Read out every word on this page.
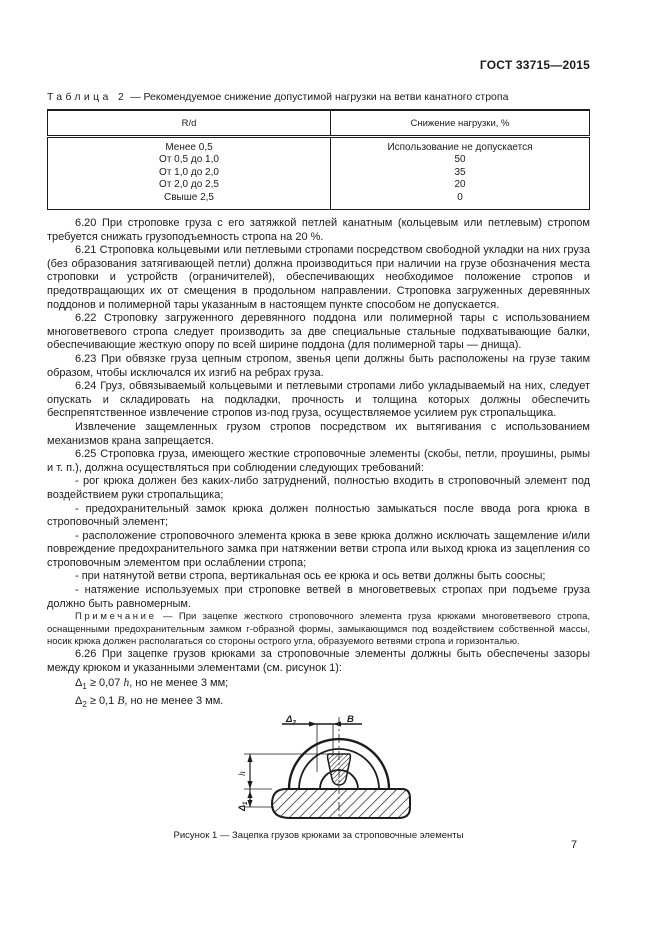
ГОСТ 33715—2015
Таблица 2 — Рекомендуемое снижение допустимой нагрузки на ветви канатного стропа
R/d	Снижение нагрузки, %
Менее 0,5	Использование не допускается
От 0,5 до 1,0	50
От 1,0 до 2,0	35
От 2,0 до 2,5	20
Свыше 2,5	0

6.20 При строповке груза с его затяжкой петлей канатным (кольцевым или петлевым) стропом требуется снижать грузоподъемность стропа на 20 %.

6.21 Строповка кольцевыми или петлевыми стропами посредством свободной укладки на них груза (без образования затягивающей петли) должна производиться при наличии на грузе обозначения места строповки и устройств (ограничителей), обеспечивающих необходимое положение стропов и предотвращающих их от смещения в продольном направлении. Строповка загруженных деревянных поддонов и полимерной тары указанным в настоящем пункте способом не допускается.

6.22 Строповку загруженного деревянного поддона или полимерной тары с использованием многоветвевого стропа следует производить за две специальные стальные подхватывающие балки, обеспечивающие жесткую опору по всей ширине поддона (для полимерной тары — днища).

6.23 При обвязке груза цепным стропом, звенья цепи должны быть расположены на грузе таким образом, чтобы исключался их изгиб на ребрах груза.

6.24 Груз, обвязываемый кольцевыми и петлевыми стропами либо укладываемый на них, следует опускать и складировать на подкладки, прочность и толщина которых должны обеспечить беспрепятственное извлечение стропов из-под груза, осуществляемое усилием рук стропальщика.

Извлечение защемленных грузом стропов посредством их вытягивания с использованием механизмов крана запрещается.

6.25 Строповка груза, имеющего жесткие строповочные элементы (скобы, петли, проушины, рымы и т. п.), должна осуществляться при соблюдении следующих требований:

- рог крюка должен без каких-либо затруднений, полностью входить в строповочный элемент под воздействием руки стропальщика;

- предохранительный замок крюка должен полностью замыкаться после ввода рога крюка в строповочный элемент;

- расположение строповочного элемента крюка в зеве крюка должно исключать защемление и/или повреждение предохранительного замка при натяжении ветви стропа или выход крюка из зацепления со строповочным элементом при ослаблении стропа;

- при натянутой ветви стропа, вертикальная ось ее крюка и ось ветви должны быть соосны;

- натяжение используемых при строповке ветвей в многоветвевых стропах при подъеме груза должно быть равномерным.

Примечание — При зацепке жесткого строповочного элемента груза крюками многоветвевого стропа, оснащенными предохранительным замком г-образной формы, замыкающимся под воздействием собственной массы, носик крюка должен располагаться со стороны острого угла, образуемого ветвями стропа и горизонталью.

6.26 При зацепке грузов крюками за строповочные элементы должны быть обеспечены зазоры между крюком и указанными элементами (см. рисунок 1):

$\Delta_1 \ge 0,07$ h, но не менее 3 мм;
$\Delta_2 \ge 0,1$ B, но не менее 3 мм.
$\Delta_2$	B
h
$\Delta_1$
Рисунок 1 — Зацепка грузов крюками за строповочные элементы
7
